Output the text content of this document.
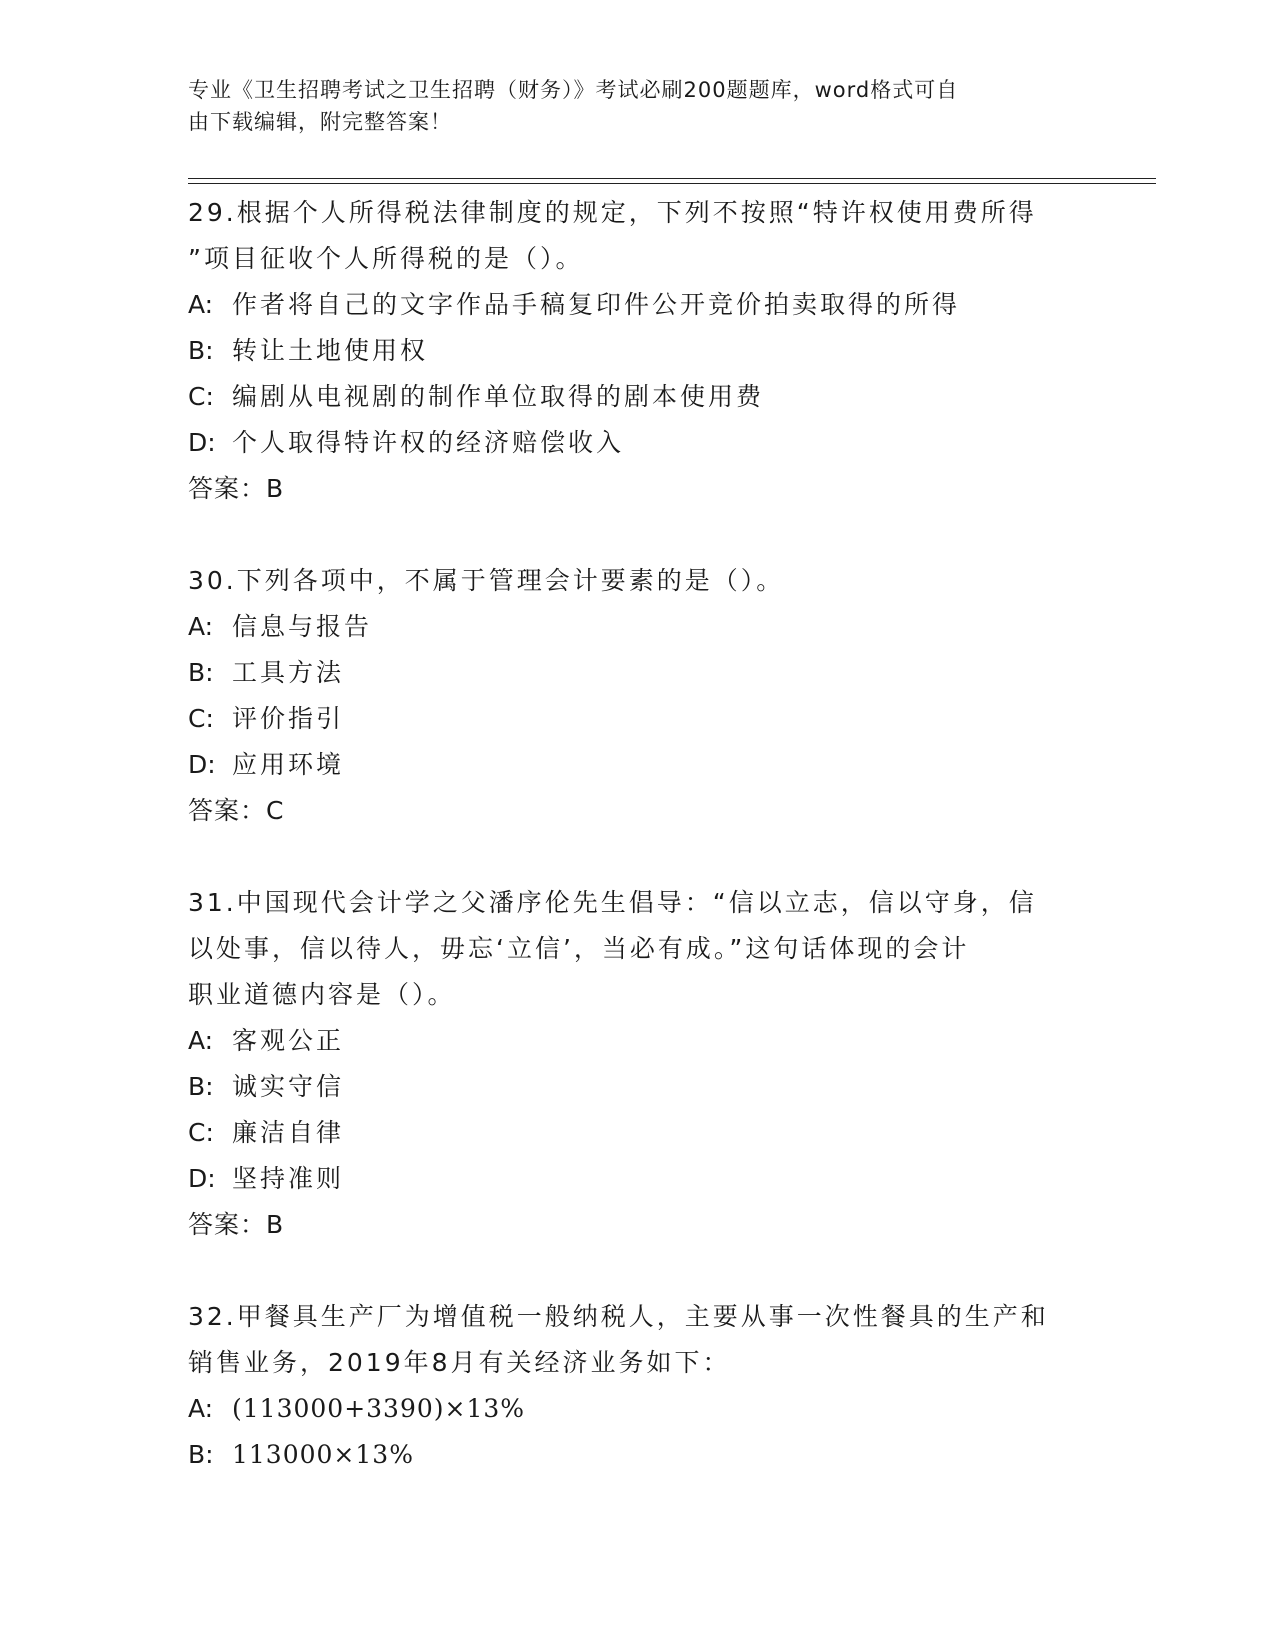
专业《卫生招聘考试之卫生招聘（财务）》考试必刷200题题库，word格式可自
由下载编辑，附完整答案！
29.根据个人所得税法律制度的规定，下列不按照“特许权使用费所得
”项目征收个人所得税的是（）。
A: 作者将自己的文字作品手稿复印件公开竞价拍卖取得的所得
B: 转让土地使用权
C: 编剧从电视剧的制作单位取得的剧本使用费
D: 个人取得特许权的经济赔偿收入
答案：B
30.下列各项中，不属于管理会计要素的是（）。
A: 信息与报告
B: 工具方法
C: 评价指引
D: 应用环境
答案：C
31.中国现代会计学之父潘序伦先生倡导：“信以立志，信以守身，信
以处事，信以待人，毋忘‘立信’，当必有成。”这句话体现的会计
职业道德内容是（）。
A: 客观公正
B: 诚实守信
C: 廉洁自律
D: 坚持准则
答案：B
32.甲餐具生产厂为增值税一般纳税人，主要从事一次性餐具的生产和
销售业务，2019年8月有关经济业务如下：
A: (113000+3390)×13%
B: 113000×13%
